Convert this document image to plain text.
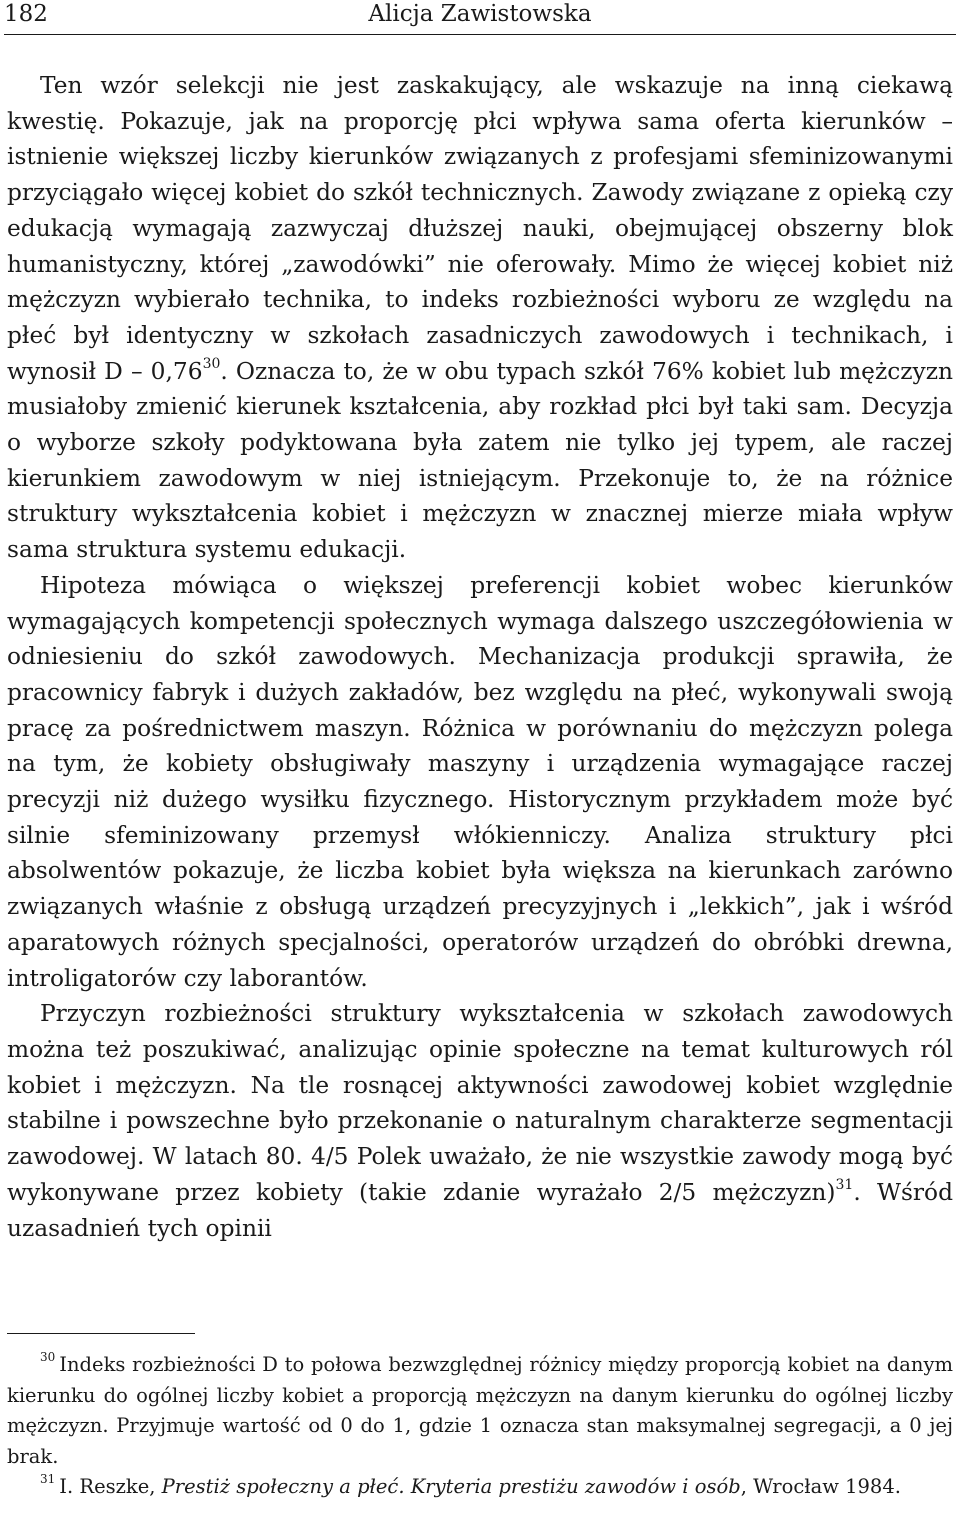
182	Alicja Zawistowska

Ten wzór selekcji nie jest zaskakujący, ale wskazuje na inną ciekawą kwestię. Pokazuje, jak na proporcję płci wpływa sama oferta kierunków – istnienie większej liczby kierunków związanych z profesjami sfeminizowanymi przyciągało więcej kobiet do szkół technicznych. Zawody związane z opieką czy edukacją wymagają zazwyczaj dłuższej nauki, obejmującej obszerny blok humanistyczny, której „zawodówki” nie oferowały. Mimo że więcej kobiet niż mężczyzn wybierało technika, to indeks rozbieżności wyboru ze względu na płeć był identyczny w szkołach zasadniczych zawodowych i technikach, i wynosił D – 0,76$^{30}$. Oznacza to, że w obu typach szkół 76% kobiet lub mężczyzn musiałoby zmienić kierunek kształcenia, aby rozkład płci był taki sam. Decyzja o wyborze szkoły podyktowana była zatem nie tylko jej typem, ale raczej kierunkiem zawodowym w niej istniejącym. Przekonuje to, że na różnice struktury wykształcenia kobiet i mężczyzn w znacznej mierze miała wpływ sama struktura systemu edukacji.

Hipoteza mówiąca o większej preferencji kobiet wobec kierunków wymagających kompetencji społecznych wymaga dalszego uszczegółowienia w odniesieniu do szkół zawodowych. Mechanizacja produkcji sprawiła, że pracownicy fabryk i dużych zakładów, bez względu na płeć, wykonywali swoją pracę za pośrednictwem maszyn. Różnica w porównaniu do mężczyzn polega na tym, że kobiety obsługiwały maszyny i urządzenia wymagające raczej precyzji niż dużego wysiłku fizycznego. Historycznym przykładem może być silnie sfeminizowany przemysł włókienniczy. Analiza struktury płci absolwentów pokazuje, że liczba kobiet była większa na kierunkach zarówno związanych właśnie z obsługą urządzeń precyzyjnych i „lekkich”, jak i wśród aparatowych różnych specjalności, operatorów urządzeń do obróbki drewna, introligatorów czy laborantów.

Przyczyn rozbieżności struktury wykształcenia w szkołach zawodowych można też poszukiwać, analizując opinie społeczne na temat kulturowych ról kobiet i mężczyzn. Na tle rosnącej aktywności zawodowej kobiet względnie stabilne i powszechne było przekonanie o naturalnym charakterze segmentacji zawodowej. W latach 80. 4/5 Polek uważało, że nie wszystkie zawody mogą być wykonywane przez kobiety (takie zdanie wyrażało 2/5 mężczyzn)$^{31}$. Wśród uzasadnień tych opinii

$^{30}$ Indeks rozbieżności D to połowa bezwzględnej różnicy między proporcją kobiet na danym kierunku do ogólnej liczby kobiet a proporcją mężczyzn na danym kierunku do ogólnej liczby mężczyzn. Przyjmuje wartość od 0 do 1, gdzie 1 oznacza stan maksymalnej segregacji, a 0 jej brak.

$^{31}$ I. Reszke, Prestiż społeczny a płeć. Kryteria prestiżu zawodów i osób, Wrocław 1984.
